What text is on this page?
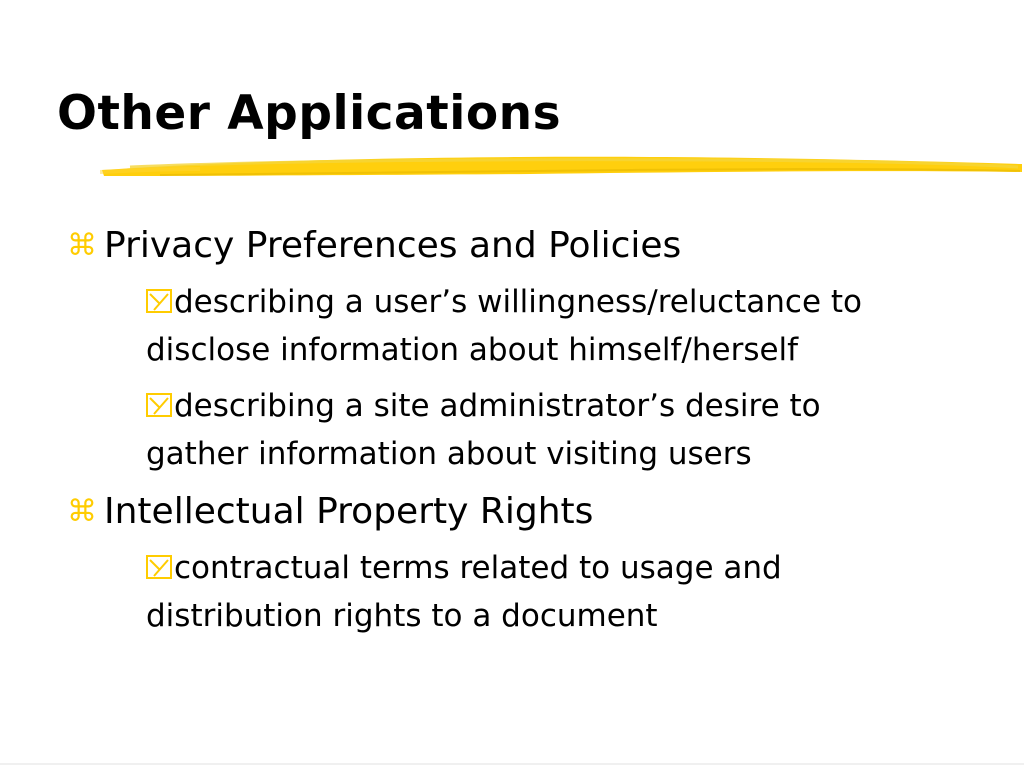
Other Applications
⌘ Privacy Preferences and Policies
describing a user’s willingness/reluctance to
disclose information about himself/herself
describing a site administrator’s desire to
gather information about visiting users
⌘ Intellectual Property Rights
contractual terms related to usage and
distribution rights to a document
